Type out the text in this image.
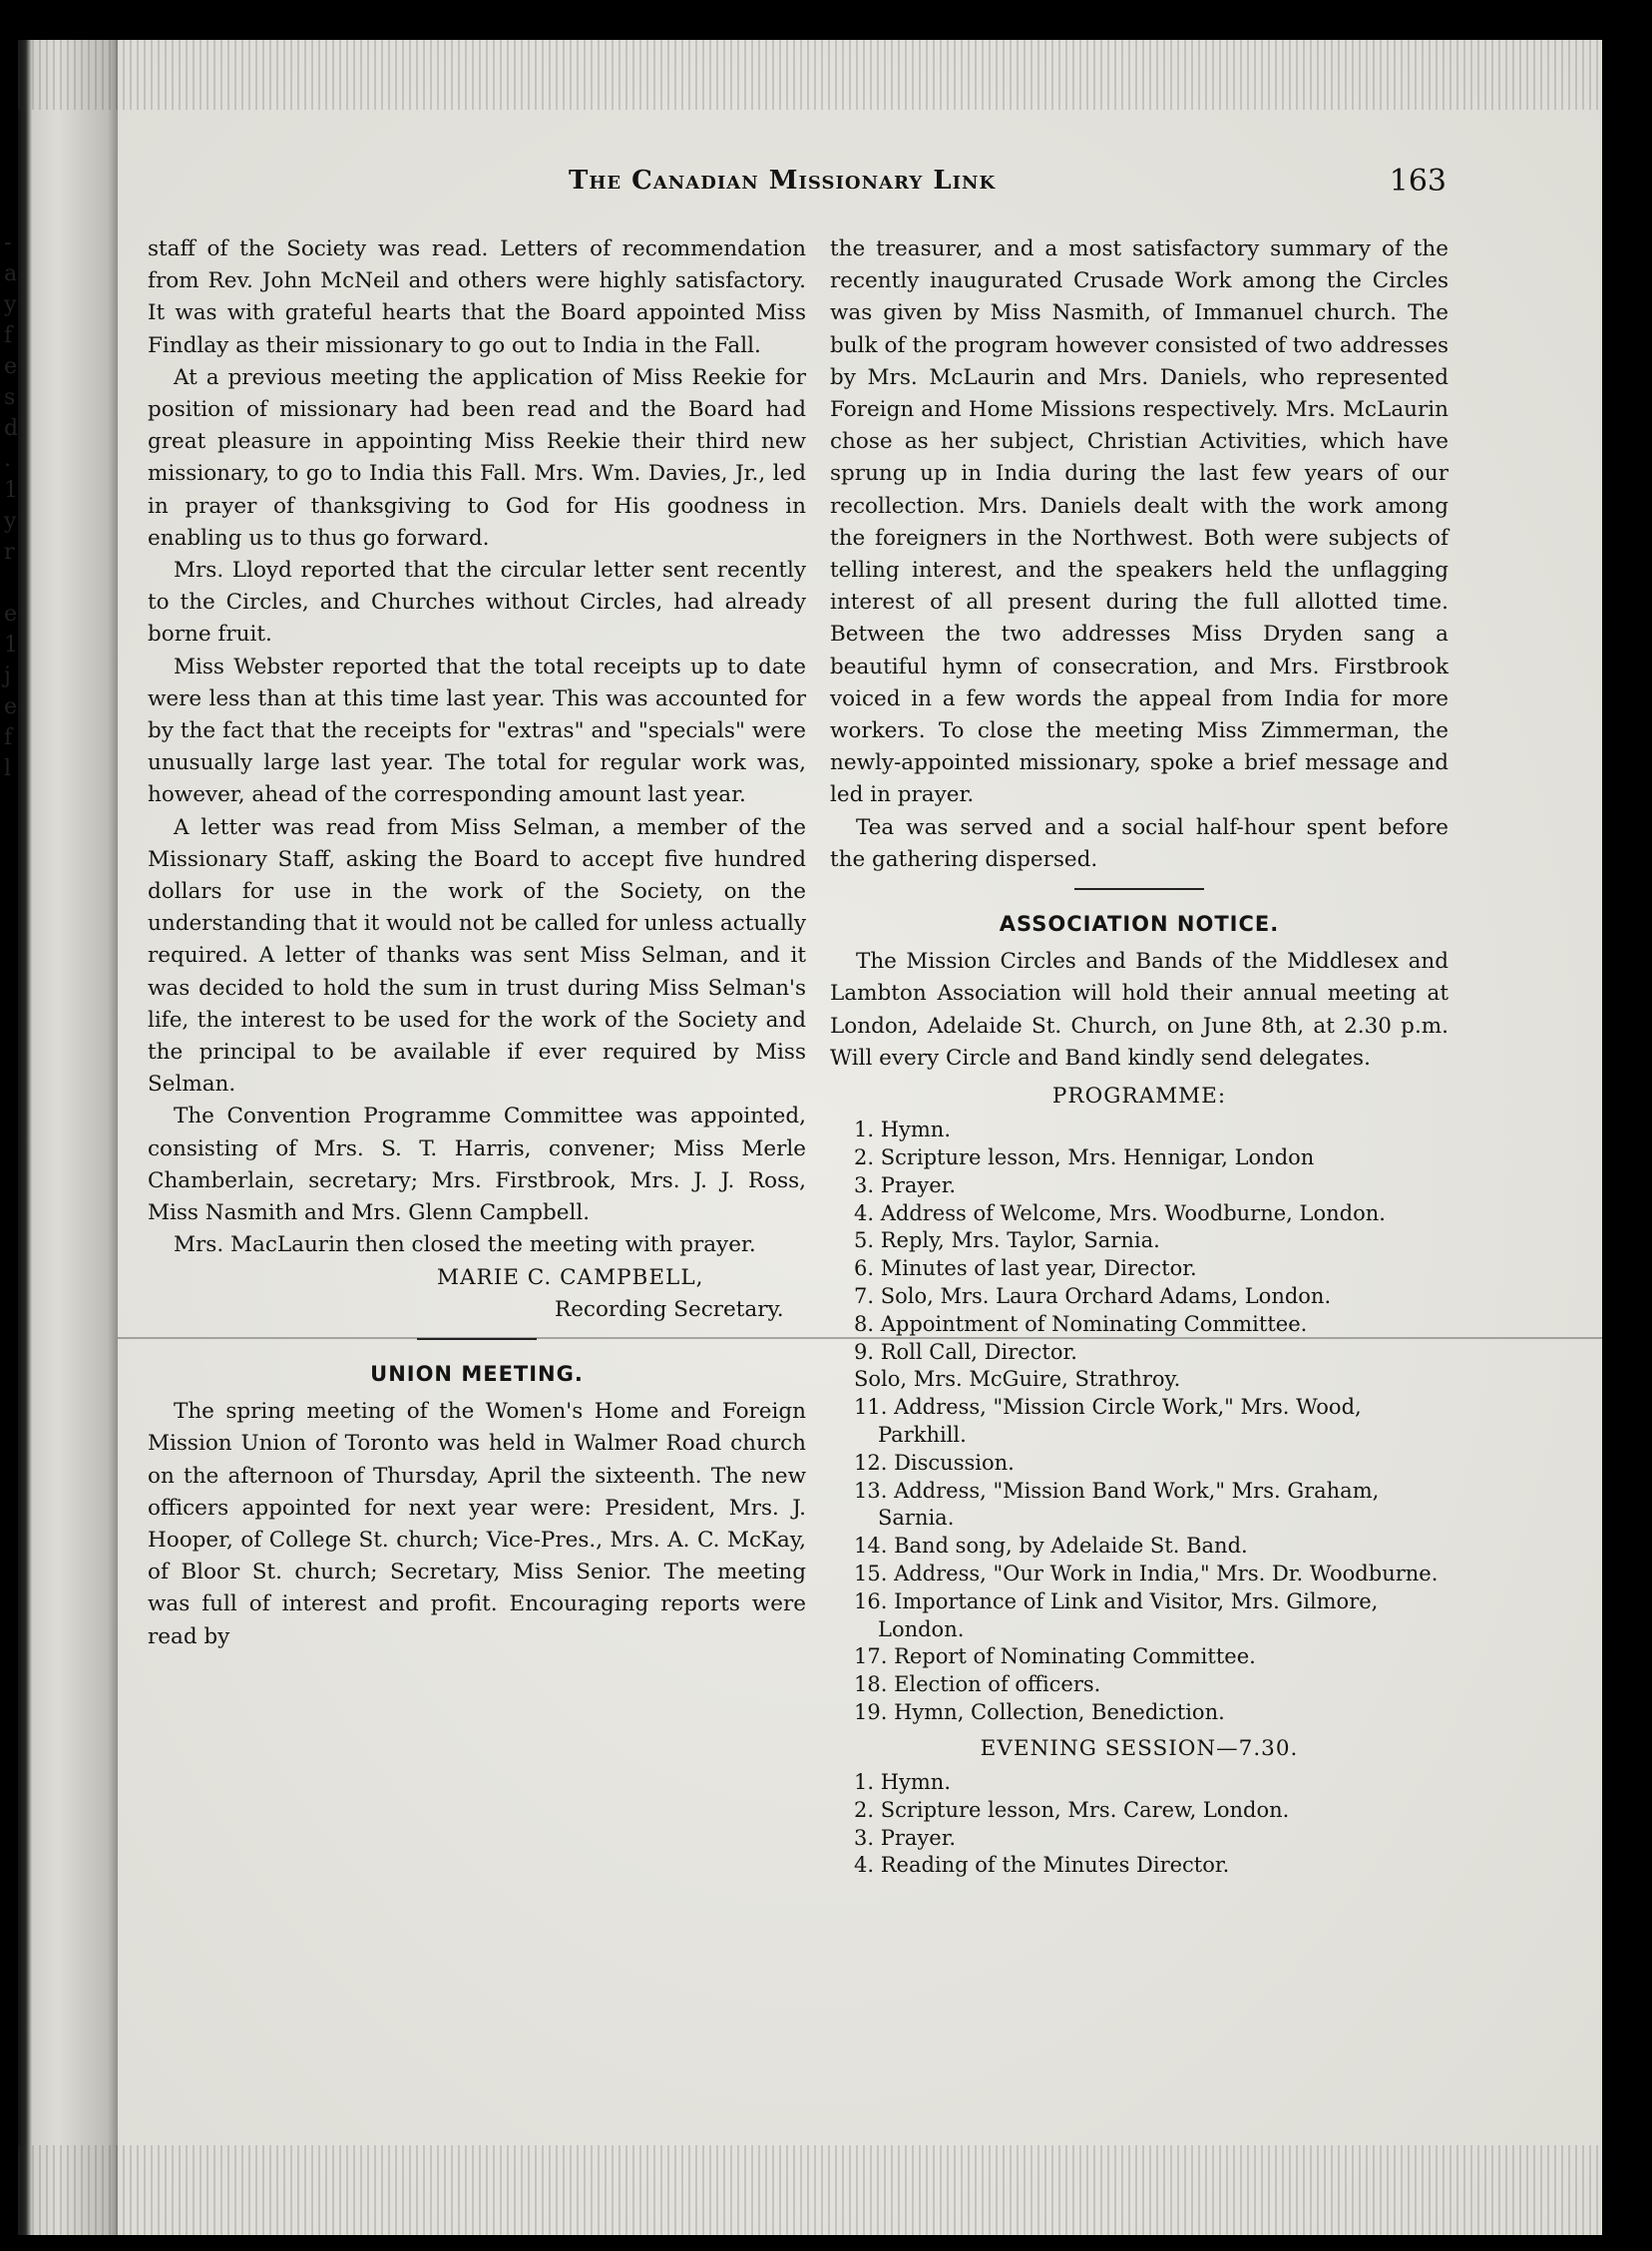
-
a
y
f
e
s
d
.
1
y
r
e
1
j
e
f
l
The Canadian Missionary Link	163

staff of the Society was read. Letters of recommendation from Rev. John McNeil and others were highly satisfactory. It was with grateful hearts that the Board appointed Miss Findlay as their missionary to go out to India in the Fall.

At a previous meeting the application of Miss Reekie for position of missionary had been read and the Board had great pleasure in appointing Miss Reekie their third new missionary, to go to India this Fall. Mrs. Wm. Davies, Jr., led in prayer of thanksgiving to God for His goodness in enabling us to thus go forward.

Mrs. Lloyd reported that the circular letter sent recently to the Circles, and Churches without Circles, had already borne fruit.

Miss Webster reported that the total receipts up to date were less than at this time last year. This was accounted for by the fact that the receipts for "extras" and "specials" were unusually large last year. The total for regular work was, however, ahead of the corresponding amount last year.

A letter was read from Miss Selman, a member of the Missionary Staff, asking the Board to accept five hundred dollars for use in the work of the Society, on the understanding that it would not be called for unless actually required. A letter of thanks was sent Miss Selman, and it was decided to hold the sum in trust during Miss Selman's life, the interest to be used for the work of the Society and the principal to be available if ever required by Miss Selman.

The Convention Programme Committee was appointed, consisting of Mrs. S. T. Harris, convener; Miss Merle Chamberlain, secretary; Mrs. Firstbrook, Mrs. J. J. Ross, Miss Nasmith and Mrs. Glenn Campbell.

Mrs. MacLaurin then closed the meeting with prayer.

MARIE C. CAMPBELL,

Recording Secretary.

UNION MEETING.

The spring meeting of the Women's Home and Foreign Mission Union of Toronto was held in Walmer Road church on the afternoon of Thursday, April the sixteenth. The new officers appointed for next year were: President, Mrs. J. Hooper, of College St. church; Vice-Pres., Mrs. A. C. McKay, of Bloor St. church; Secretary, Miss Senior. The meeting was full of interest and profit. Encouraging reports were read by

the treasurer, and a most satisfactory summary of the recently inaugurated Crusade Work among the Circles was given by Miss Nasmith, of Immanuel church. The bulk of the program however consisted of two addresses by Mrs. McLaurin and Mrs. Daniels, who represented Foreign and Home Missions respectively. Mrs. McLaurin chose as her subject, Christian Activities, which have sprung up in India during the last few years of our recollection. Mrs. Daniels dealt with the work among the foreigners in the Northwest. Both were subjects of telling interest, and the speakers held the unflagging interest of all present during the full allotted time. Between the two addresses Miss Dryden sang a beautiful hymn of consecration, and Mrs. Firstbrook voiced in a few words the appeal from India for more workers. To close the meeting Miss Zimmerman, the newly-appointed missionary, spoke a brief message and led in prayer.

Tea was served and a social half-hour spent before the gathering dispersed.

ASSOCIATION NOTICE.

The Mission Circles and Bands of the Middlesex and Lambton Association will hold their annual meeting at London, Adelaide St. Church, on June 8th, at 2.30 p.m. Will every Circle and Band kindly send delegates.

PROGRAMME:
1. Hymn.
2. Scripture lesson, Mrs. Hennigar, London
3. Prayer.
4. Address of Welcome, Mrs. Woodburne, London.
5. Reply, Mrs. Taylor, Sarnia.
6. Minutes of last year, Director.
7. Solo, Mrs. Laura Orchard Adams, London.
8. Appointment of Nominating Committee.
9. Roll Call, Director.
Solo, Mrs. McGuire, Strathroy.
11. Address, "Mission Circle Work," Mrs. Wood, Parkhill.
12. Discussion.
13. Address, "Mission Band Work," Mrs. Graham, Sarnia.
14. Band song, by Adelaide St. Band.
15. Address, "Our Work in India," Mrs. Dr. Woodburne.
16. Importance of Link and Visitor, Mrs. Gilmore, London.
17. Report of Nominating Committee.
18. Election of officers.
19. Hymn, Collection, Benediction.
EVENING SESSION—7.30.
1. Hymn.
2. Scripture lesson, Mrs. Carew, London.
3. Prayer.
4. Reading of the Minutes Director.
